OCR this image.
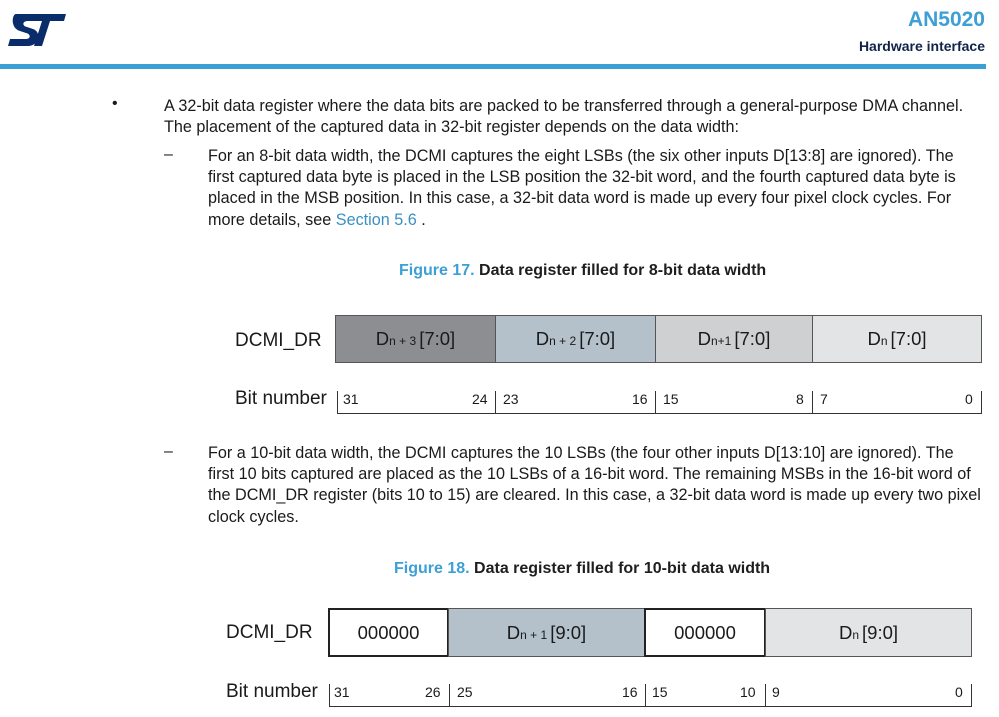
AN5020
Hardware interface
•	A 32-bit data register where the data bits are packed to be transferred through a general-purpose DMA channel. The placement of the captured data in 32-bit register depends on the data width:
– For an 8-bit data width, the DCMI captures the eight LSBs (the six other inputs D[13:8] are ignored). The first captured data byte is placed in the LSB position the 32-bit word, and the fourth captured data byte is placed in the MSB position. In this case, a 32-bit data word is made up every four pixel clock cycles. For more details, see Section 5.6 .
Figure 17. Data register filled for 8-bit data width
DCMI_DR	$D_{n + 3}$ [7:0]	$D_{n + 2}$ [7:0]	$D_{n+1}$ [7:0]	$D_n$ [7:0]
Bit number 31	24 23	16 15	8 7	0
– For a 10-bit data width, the DCMI captures the 10 LSBs (the four other inputs D[13:10] are ignored). The first 10 bits captured are placed as the 10 LSBs of a 16-bit word. The remaining MSBs in the 16-bit word of the DCMI_DR register (bits 10 to 15) are cleared. In this case, a 32-bit data word is made up every two pixel clock cycles.
Figure 18. Data register filled for 10-bit data width
DCMI_DR 000000	$D_{n + 1}$ [9:0]	000000	$D_n$ [9:0]
Bit number 31	26 25	16 15	10 9	0
